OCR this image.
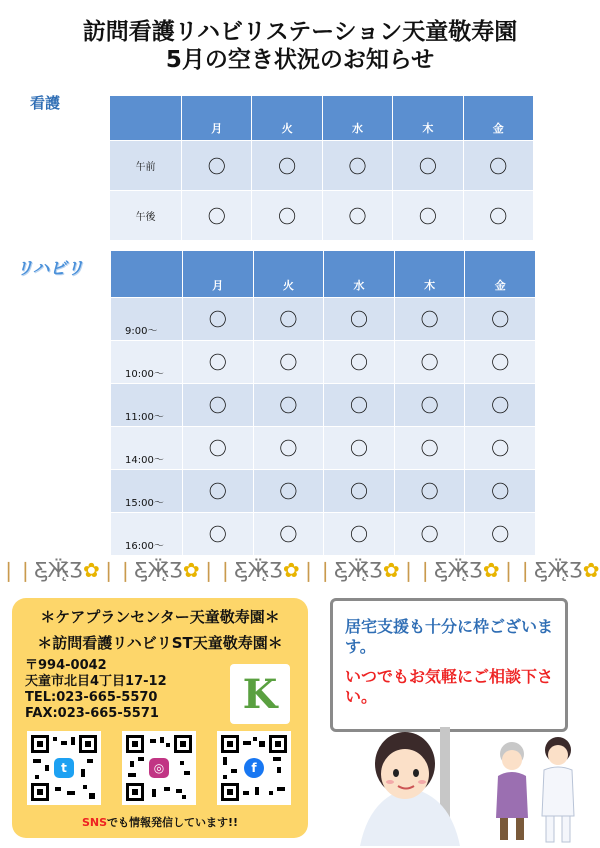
訪問看護リハビリステーション天童敬寿園
5月の空き状況のお知らせ
看護
	月	火	水	木	金
午前	〇	〇	〇	〇	〇
午後	〇	〇	〇	〇	〇
リハビリ
	月	火	水	木	金
9:00～	〇	〇	〇	〇	〇
10:00～	〇	〇	〇	〇	〇
11:00～	〇	〇	〇	〇	〇
14:00～	〇	〇	〇	〇	〇
15:00～	〇	〇	〇	〇	〇
16:00～	〇	〇	〇	〇	〇
❘❘ Ƹ̵̡Ӝ̵̨̄Ʒ ✿ ❘❘ Ƹ̵̡Ӝ̵̨̄Ʒ ✿ ❘❘ Ƹ̵̡Ӝ̵̨̄Ʒ ✿ ❘❘ Ƹ̵̡Ӝ̵̨̄Ʒ ✿ ❘❘ Ƹ̵̡Ӝ̵̨̄Ʒ ✿ ❘❘ Ƹ̵̡Ӝ̵̨̄Ʒ ✿
＊ケアプランセンター天童敬寿園＊
＊訪問看護リハビリST天童敬寿園＊
〒994-0042
天童市北目4丁目17-12
TEL:023-665-5570
FAX:023-665-5571 K
t	◎	f
SNSでも情報発信しています!!
居宅支援も十分に枠ございます。
いつでもお気軽にご相談下さい。
